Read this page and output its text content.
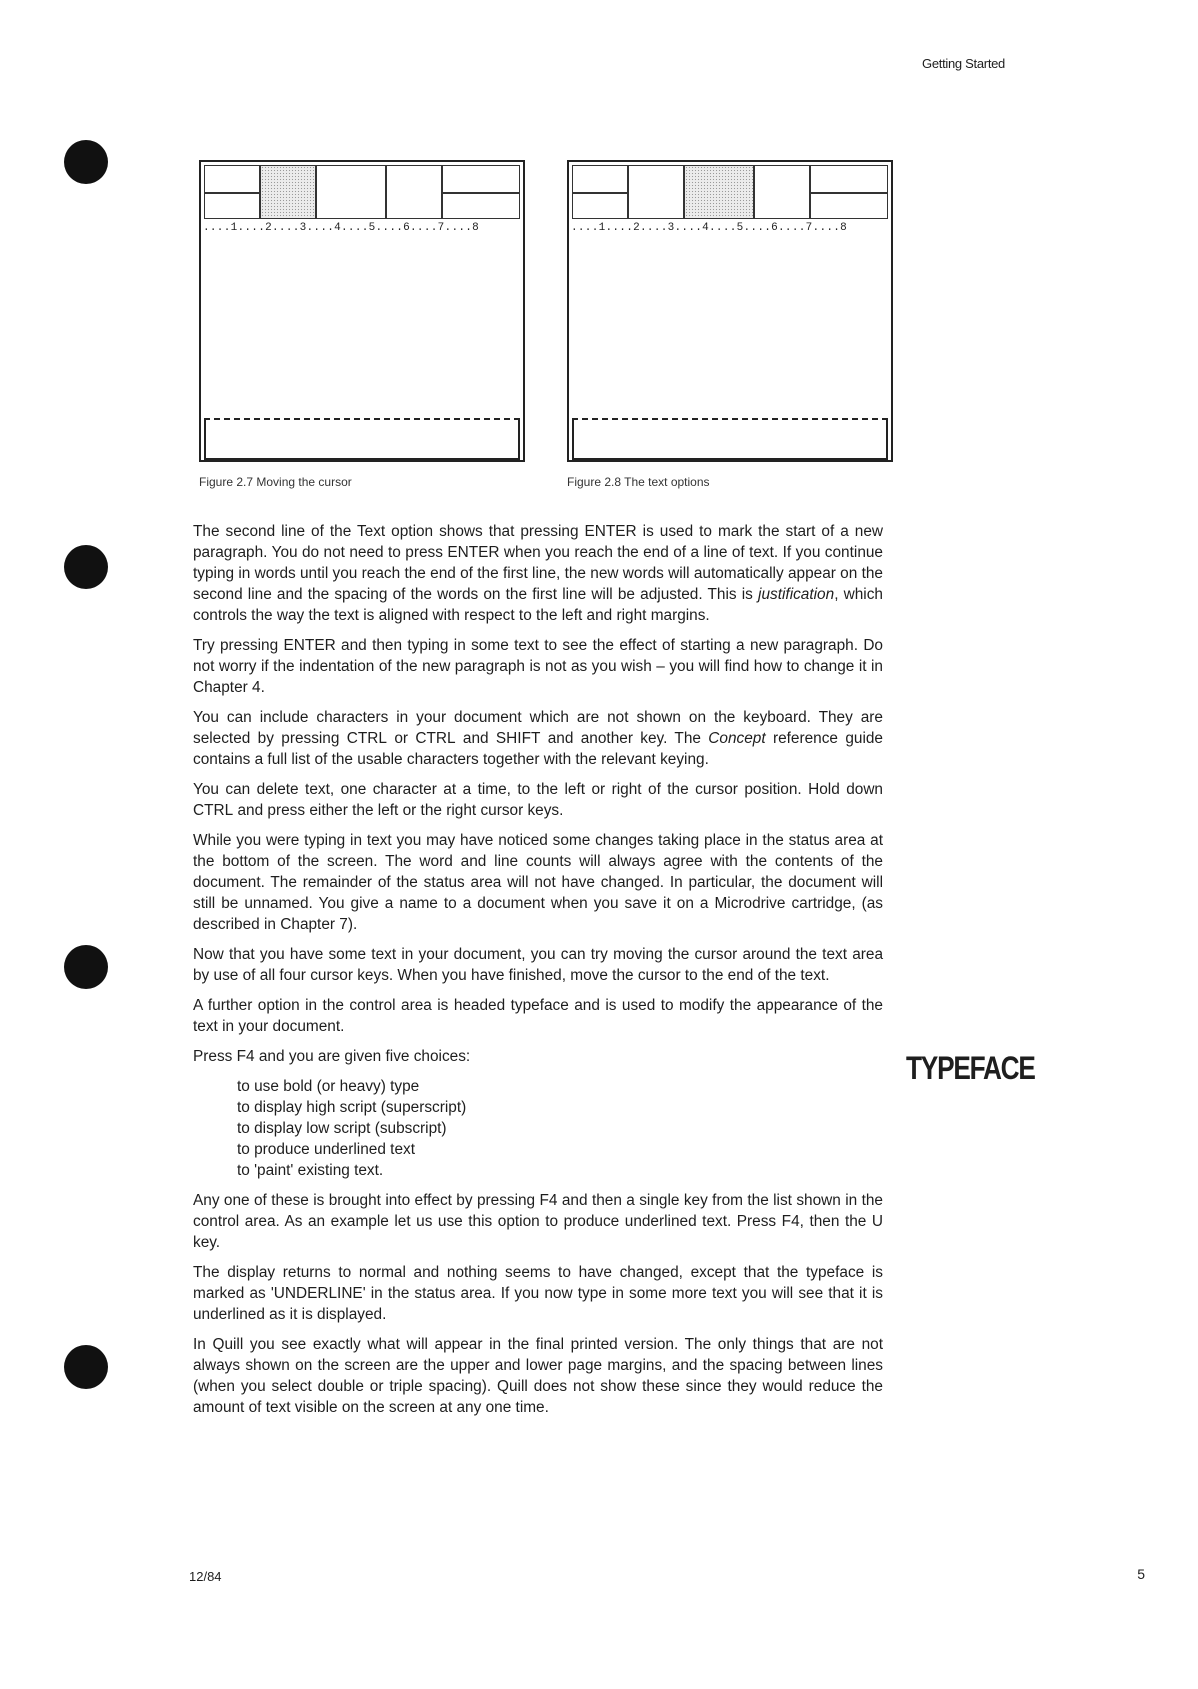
Getting Started
....1....2....3....4....5....6....7....8
Figure 2.7 Moving the cursor
....1....2....3....4....5....6....7....8
Figure 2.8 The text options

The second line of the Text option shows that pressing ENTER is used to mark the start of a new paragraph. You do not need to press ENTER when you reach the end of a line of text. If you continue typing in words until you reach the end of the first line, the new words will automatically appear on the second line and the spacing of the words on the first line will be adjusted. This is justification, which controls the way the text is aligned with respect to the left and right margins.

Try pressing ENTER and then typing in some text to see the effect of starting a new paragraph. Do not worry if the indentation of the new paragraph is not as you wish – you will find how to change it in Chapter 4.

You can include characters in your document which are not shown on the keyboard. They are selected by pressing CTRL or CTRL and SHIFT and another key. The Concept reference guide contains a full list of the usable characters together with the relevant keying.

You can delete text, one character at a time, to the left or right of the cursor position. Hold down CTRL and press either the left or the right cursor keys.

While you were typing in text you may have noticed some changes taking place in the status area at the bottom of the screen. The word and line counts will always agree with the contents of the document. The remainder of the status area will not have changed. In particular, the document will still be unnamed. You give a name to a document when you save it on a Microdrive cartridge, (as described in Chapter 7).

Now that you have some text in your document, you can try moving the cursor around the text area by use of all four cursor keys. When you have finished, move the cursor to the end of the text.

A further option in the control area is headed typeface and is used to modify the appearance of the text in your document.

Press F4 and you are given five choices:

to use bold (or heavy) type
to display high script (superscript)
to display low script (subscript)
to produce underlined text
to 'paint' existing text.

Any one of these is brought into effect by pressing F4 and then a single key from the list shown in the control area. As an example let us use this option to produce underlined text. Press F4, then the U key.

The display returns to normal and nothing seems to have changed, except that the typeface is marked as 'UNDERLINE' in the status area. If you now type in some more text you will see that it is underlined as it is displayed.

In Quill you see exactly what will appear in the final printed version. The only things that are not always shown on the screen are the upper and lower page margins, and the spacing between lines (when you select double or triple spacing). Quill does not show these since they would reduce the amount of text visible on the screen at any one time.

TYPEFACE
12/84	5
